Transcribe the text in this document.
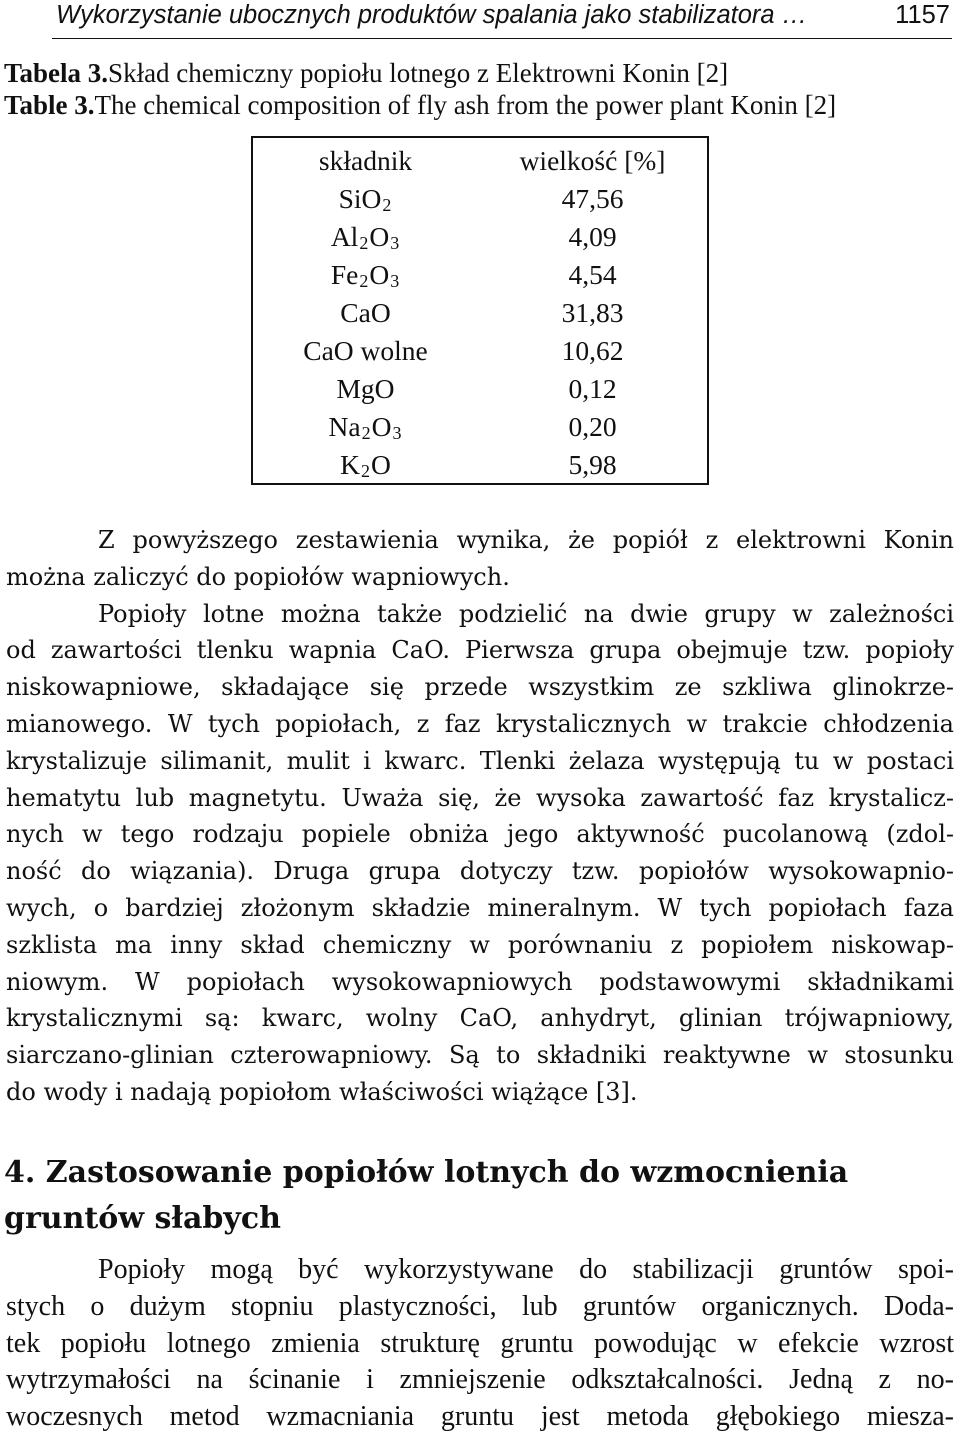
Wykorzystanie ubocznych produktów spalania jako stabilizatora …	1157
Tabela 3.Skład chemiczny popiołu lotnego z Elektrowni Konin [2]
Table 3.The chemical composition of fly ash from the power plant Konin [2]
składnik	wielkość [%]
SiO$_2$	47,56
$Al_2O_3$	4,09
$Fe_2O_3$	4,54
CaO	31,83
CaO wolne	10,62
MgO	0,12
$Na_2O_3$	0,20
$K_2O$	5,98
Z powyższego zestawienia wynika, że popiół z elektrowni Konin
można zaliczyć do popiołów wapniowych.
Popioły lotne można także podzielić na dwie grupy w zależności
od zawartości tlenku wapnia CaO. Pierwsza grupa obejmuje tzw. popioły
niskowapniowe, składające się przede wszystkim ze szkliwa glinokrze-
mianowego. W tych popiołach, z faz krystalicznych w trakcie chłodzenia
krystalizuje silimanit, mulit i kwarc. Tlenki żelaza występują tu w postaci
hematytu lub magnetytu. Uważa się, że wysoka zawartość faz krystalicz-
nych w tego rodzaju popiele obniża jego aktywność pucolanową (zdol-
ność do wiązania). Druga grupa dotyczy tzw. popiołów wysokowapnio-
wych, o bardziej złożonym składzie mineralnym. W tych popiołach faza
szklista ma inny skład chemiczny w porównaniu z popiołem niskowap-
niowym. W popiołach wysokowapniowych podstawowymi składnikami
krystalicznymi są: kwarc, wolny CaO, anhydryt, glinian trójwapniowy,
siarczano-glinian czterowapniowy. Są to składniki reaktywne w stosunku
do wody i nadają popiołom właściwości wiążące [3].
4. Zastosowanie popiołów lotnych do wzmocnienia
gruntów słabych
Popioły mogą być wykorzystywane do stabilizacji gruntów spoi-
stych o dużym stopniu plastyczności, lub gruntów organicznych. Doda-
tek popiołu lotnego zmienia strukturę gruntu powodując w efekcie wzrost
wytrzymałości na ścinanie i zmniejszenie odkształcalności. Jedną z no-
woczesnych metod wzmacniania gruntu jest metoda głębokiego miesza-
